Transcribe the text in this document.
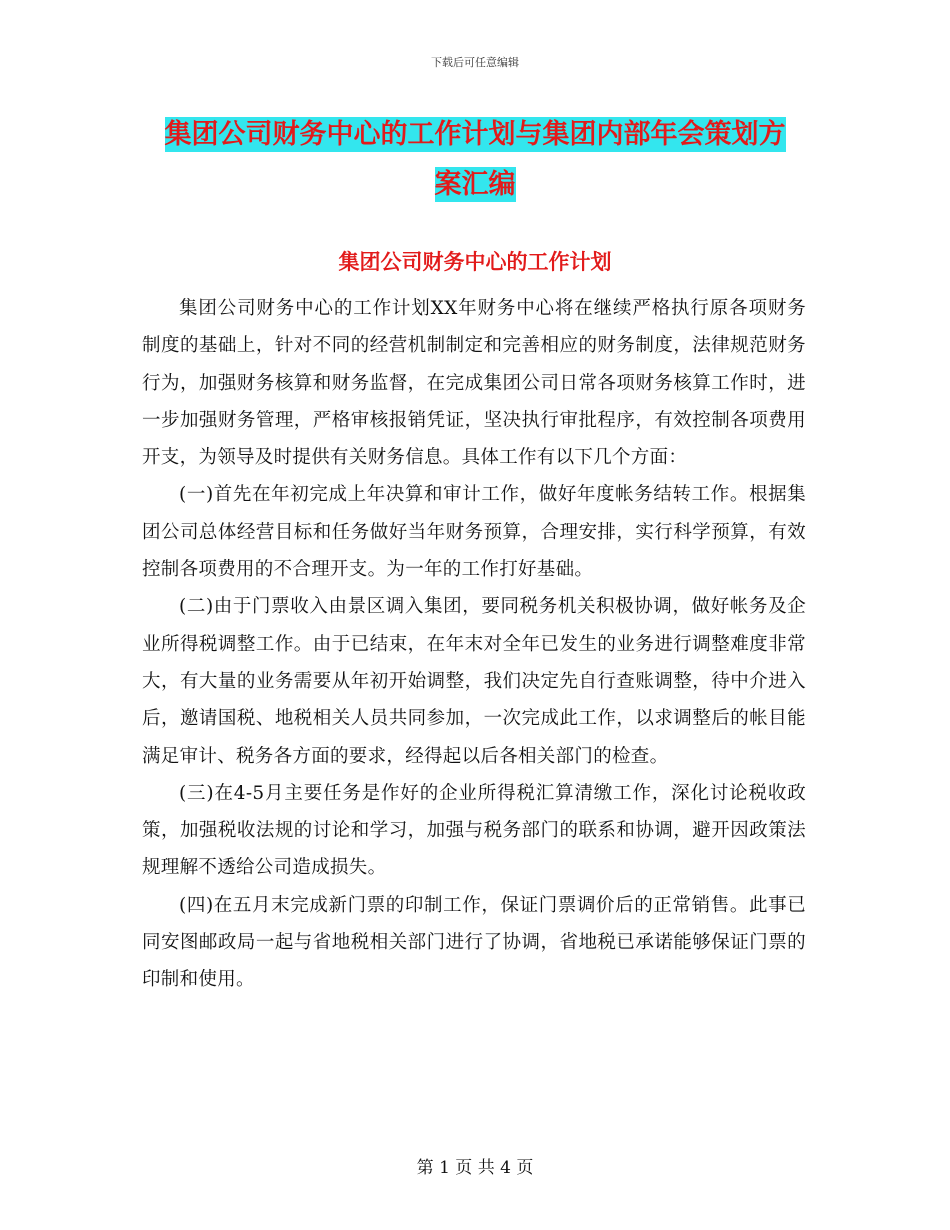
下载后可任意编辑
集团公司财务中心的工作计划与集团内部年会策划方
案汇编
集团公司财务中心的工作计划

集团公司财务中心的工作计划XX年财务中心将在继续严格执行原各项财务制度的基础上，针对不同的经营机制制定和完善相应的财务制度，法律规范财务行为，加强财务核算和财务监督，在完成集团公司日常各项财务核算工作时，进一步加强财务管理，严格审核报销凭证，坚决执行审批程序，有效控制各项费用开支，为领导及时提供有关财务信息。具体工作有以下几个方面：

(一)首先在年初完成上年决算和审计工作，做好年度帐务结转工作。根据集团公司总体经营目标和任务做好当年财务预算，合理安排，实行科学预算，有效控制各项费用的不合理开支。为一年的工作打好基础。

(二)由于门票收入由景区调入集团，要同税务机关积极协调，做好帐务及企业所得税调整工作。由于已结束，在年末对全年已发生的业务进行调整难度非常大，有大量的业务需要从年初开始调整，我们决定先自行查账调整，待中介进入后，邀请国税、地税相关人员共同参加，一次完成此工作，以求调整后的帐目能满足审计、税务各方面的要求，经得起以后各相关部门的检查。

(三)在4-5月主要任务是作好的企业所得税汇算清缴工作，深化讨论税收政策，加强税收法规的讨论和学习，加强与税务部门的联系和协调，避开因政策法规理解不透给公司造成损失。

(四)在五月末完成新门票的印制工作，保证门票调价后的正常销售。此事已同安图邮政局一起与省地税相关部门进行了协调，省地税已承诺能够保证门票的印制和使用。

第 1 页 共 4 页
